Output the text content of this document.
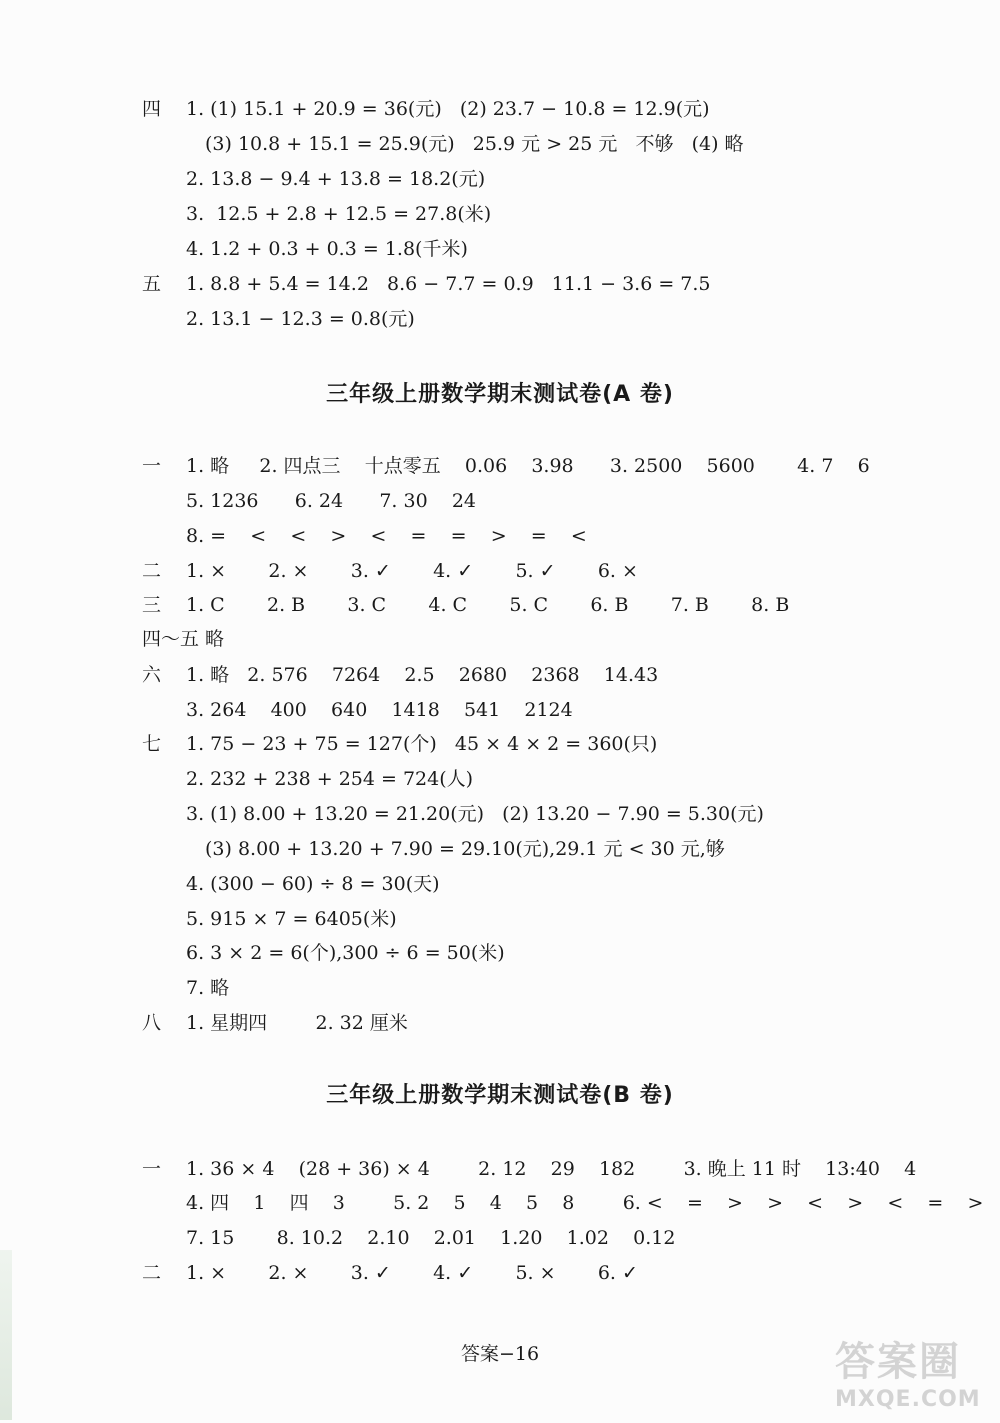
四 1. (1) 15.1 + 20.9 = 36(元)   (2) 23.7 − 10.8 = 12.9(元)
(3) 10.8 + 15.1 = 25.9(元)   25.9 元 > 25 元   不够   (4) 略
2. 13.8 − 9.4 + 13.8 = 18.2(元)
3.  12.5 + 2.8 + 12.5 = 27.8(米)
4. 1.2 + 0.3 + 0.3 = 1.8(千米)
五 1. 8.8 + 5.4 = 14.2   8.6 − 7.7 = 0.9   11.1 − 3.6 = 7.5
2. 13.1 − 12.3 = 0.8(元)
三年级上册数学期末测试卷(A 卷)
一 1. 略     2. 四点三    十点零五    0.06    3.98      3. 2500    5600       4. 7    6
5. 1236      6. 24      7. 30    24
8. =    <    <    >    <    =    =    >    =    <
二 1. ×       2. ×       3. ✓       4. ✓       5. ✓       6. ×
三 1. C       2. B       3. C       4. C       5. C       6. B       7. B       8. B
四～五 略
六 1. 略   2. 576    7264    2.5    2680    2368    14.43
3. 264    400    640    1418    541    2124
七 1. 75 − 23 + 75 = 127(个)   45 × 4 × 2 = 360(只)
2. 232 + 238 + 254 = 724(人)
3. (1) 8.00 + 13.20 = 21.20(元)   (2) 13.20 − 7.90 = 5.30(元)
(3) 8.00 + 13.20 + 7.90 = 29.10(元),29.1 元 < 30 元,够
4. (300 − 60) ÷ 8 = 30(天)
5. 915 × 7 = 6405(米)
6. 3 × 2 = 6(个),300 ÷ 6 = 50(米)
7. 略
八 1. 星期四        2. 32 厘米
三年级上册数学期末测试卷(B 卷)
一 1. 36 × 4    (28 + 36) × 4        2. 12    29    182        3. 晚上 11 时    13:40    4
4. 四    1    四    3        5. 2    5    4    5    8        6. <    =    >    >    <    >    <    =    >
7. 15       8. 10.2    2.10    2.01    1.20    1.02    0.12
二 1. ×       2. ×       3. ✓       4. ✓       5. ×       6. ✓
答案−16	答案圈
MXQE.COM
